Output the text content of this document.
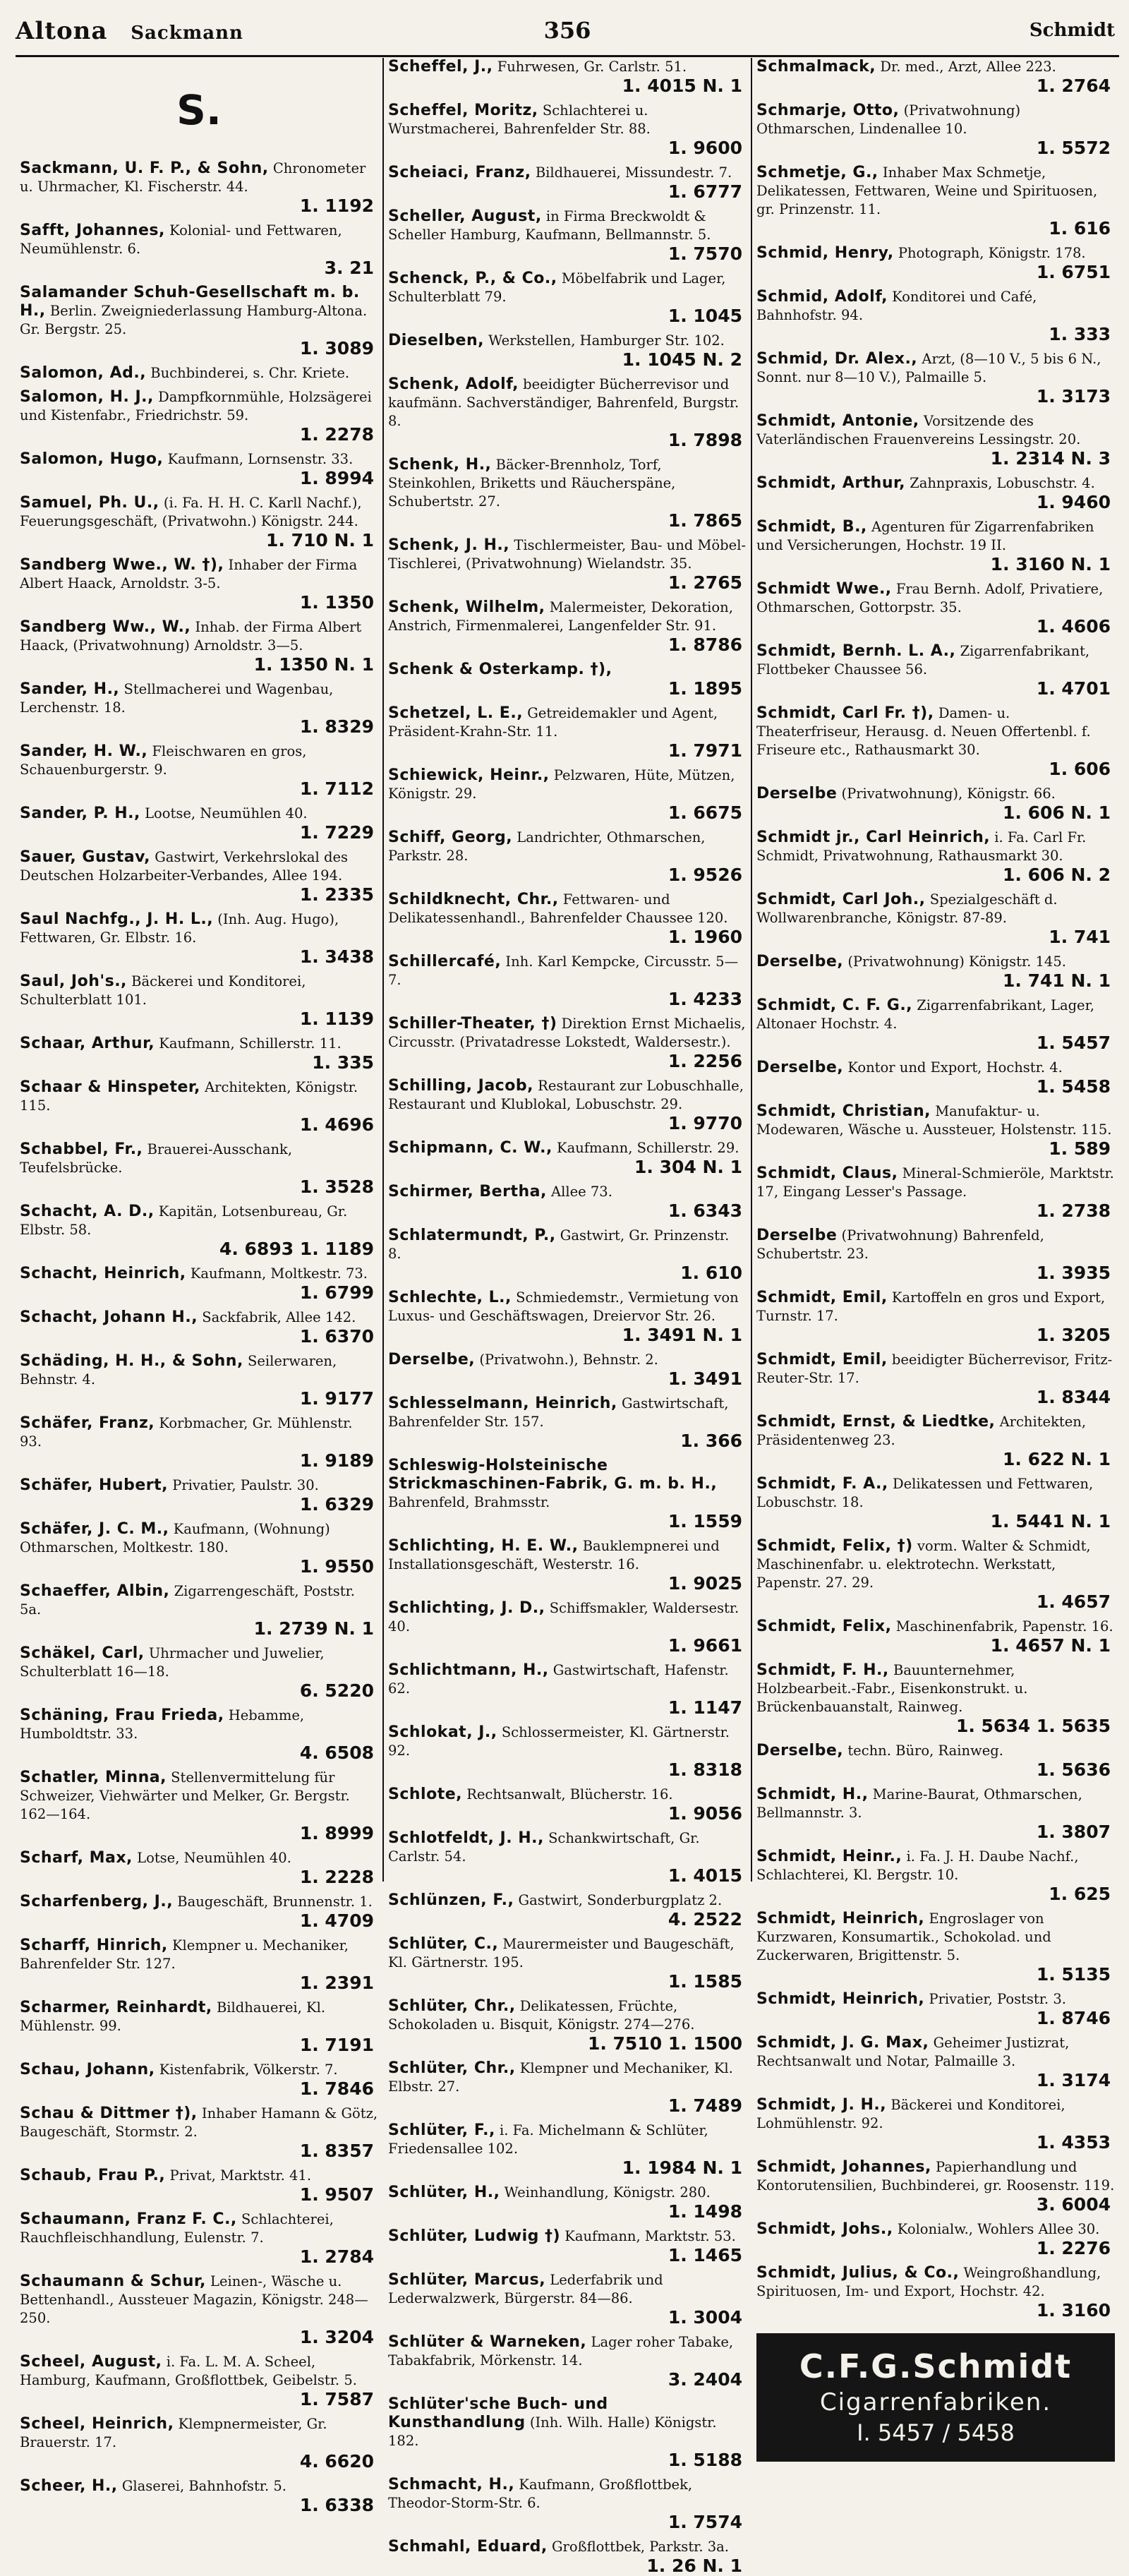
Altona Sackmann	356	Schmidt
S.
Sackmann, U. F. P., & Sohn, Chronometer u. Uhrmacher, Kl. Fischerstr. 44.
1. 1192
Safft, Johannes, Kolonial- und Fettwaren, Neumühlenstr. 6.
3. 21
Salamander Schuh-Gesellschaft m. b. H., Berlin. Zweigniederlassung Hamburg-Altona. Gr. Bergstr. 25.
1. 3089
Salomon, Ad., Buchbinderei, s. Chr. Kriete.
Salomon, H. J., Dampfkornmühle, Holzsägerei und Kistenfabr., Friedrichstr. 59.
1. 2278
Salomon, Hugo, Kaufmann, Lornsenstr. 33.
1. 8994
Samuel, Ph. U., (i. Fa. H. H. C. Karll Nachf.), Feuerungsgeschäft, (Privatwohn.) Königstr. 244.
1. 710 N. 1
Sandberg Wwe., W. †), Inhaber der Firma Albert Haack, Arnoldstr. 3-5.
1. 1350
Sandberg Ww., W., Inhab. der Firma Albert Haack, (Privatwohnung) Arnoldstr. 3—5.
1. 1350 N. 1
Sander, H., Stellmacherei und Wagenbau, Lerchenstr. 18.
1. 8329
Sander, H. W., Fleischwaren en gros, Schauenburgerstr. 9.
1. 7112
Sander, P. H., Lootse, Neumühlen 40.
1. 7229
Sauer, Gustav, Gastwirt, Verkehrslokal des Deutschen Holzarbeiter-Verbandes, Allee 194.
1. 2335
Saul Nachfg., J. H. L., (Inh. Aug. Hugo), Fettwaren, Gr. Elbstr. 16.
1. 3438
Saul, Joh's., Bäckerei und Konditorei, Schulterblatt 101.
1. 1139
Schaar, Arthur, Kaufmann, Schillerstr. 11.
1. 335
Schaar & Hinspeter, Architekten, Königstr. 115.
1. 4696
Schabbel, Fr., Brauerei-Ausschank, Teufelsbrücke.
1. 3528
Schacht, A. D., Kapitän, Lotsenbureau, Gr. Elbstr. 58.
4. 6893 1. 1189
Schacht, Heinrich, Kaufmann, Moltkestr. 73.
1. 6799
Schacht, Johann H., Sackfabrik, Allee 142.
1. 6370
Schäding, H. H., & Sohn, Seilerwaren, Behnstr. 4.
1. 9177
Schäfer, Franz, Korbmacher, Gr. Mühlenstr. 93.
1. 9189
Schäfer, Hubert, Privatier, Paulstr. 30.
1. 6329
Schäfer, J. C. M., Kaufmann, (Wohnung) Othmarschen, Moltkestr. 180.
1. 9550
Schaeffer, Albin, Zigarrengeschäft, Poststr. 5a.
1. 2739 N. 1
Schäkel, Carl, Uhrmacher und Juwelier, Schulterblatt 16—18.
6. 5220
Schäning, Frau Frieda, Hebamme, Humboldtstr. 33.
4. 6508
Schatler, Minna, Stellenvermittelung für Schweizer, Viehwärter und Melker, Gr. Bergstr. 162—164.
1. 8999
Scharf, Max, Lotse, Neumühlen 40.
1. 2228
Scharfenberg, J., Baugeschäft, Brunnenstr. 1.
1. 4709
Scharff, Hinrich, Klempner u. Mechaniker, Bahrenfelder Str. 127.
1. 2391
Scharmer, Reinhardt, Bildhauerei, Kl. Mühlenstr. 99.
1. 7191
Schau, Johann, Kistenfabrik, Völkerstr. 7.
1. 7846
Schau & Dittmer †), Inhaber Hamann & Götz, Baugeschäft, Stormstr. 2.
1. 8357
Schaub, Frau P., Privat, Marktstr. 41.
1. 9507
Schaumann, Franz F. C., Schlachterei, Rauchfleischhandlung, Eulenstr. 7.
1. 2784
Schaumann & Schur, Leinen-, Wäsche u. Bettenhandl., Aussteuer Magazin, Königstr. 248—250.
1. 3204
Scheel, August, i. Fa. L. M. A. Scheel, Hamburg, Kaufmann, Großflottbek, Geibelstr. 5.
1. 7587
Scheel, Heinrich, Klempnermeister, Gr. Brauerstr. 17.
4. 6620
Scheer, H., Glaserei, Bahnhofstr. 5.
1. 6338
Scheffel, J., Fuhrwesen, Gr. Carlstr. 51.
1. 4015 N. 1
Scheffel, Moritz, Schlachterei u. Wurstmacherei, Bahrenfelder Str. 88.
1. 9600
Scheiaci, Franz, Bildhauerei, Missundestr. 7.
1. 6777
Scheller, August, in Firma Breckwoldt & Scheller Hamburg, Kaufmann, Bellmannstr. 5.
1. 7570
Schenck, P., & Co., Möbelfabrik und Lager, Schulterblatt 79.
1. 1045
Dieselben, Werkstellen, Hamburger Str. 102.
1. 1045 N. 2
Schenk, Adolf, beeidigter Bücherrevisor und kaufmänn. Sachverständiger, Bahrenfeld, Burgstr. 8.
1. 7898
Schenk, H., Bäcker-Brennholz, Torf, Steinkohlen, Briketts und Räucherspäne, Schubertstr. 27.
1. 7865
Schenk, J. H., Tischlermeister, Bau- und Möbel-Tischlerei, (Privatwohnung) Wielandstr. 35.
1. 2765
Schenk, Wilhelm, Malermeister, Dekoration, Anstrich, Firmenmalerei, Langenfelder Str. 91.
1. 8786
Schenk & Osterkamp. †),
1. 1895
Schetzel, L. E., Getreidemakler und Agent, Präsident-Krahn-Str. 11.
1. 7971
Schiewick, Heinr., Pelzwaren, Hüte, Mützen, Königstr. 29.
1. 6675
Schiff, Georg, Landrichter, Othmarschen, Parkstr. 28.
1. 9526
Schildknecht, Chr., Fettwaren- und Delikatessenhandl., Bahrenfelder Chaussee 120.
1. 1960
Schillercafé, Inh. Karl Kempcke, Circusstr. 5—7.
1. 4233
Schiller-Theater, †) Direktion Ernst Michaelis, Circusstr. (Privatadresse Lokstedt, Waldersestr.).
1. 2256
Schilling, Jacob, Restaurant zur Lobuschhalle, Restaurant und Klublokal, Lobuschstr. 29.
1. 9770
Schipmann, C. W., Kaufmann, Schillerstr. 29.
1. 304 N. 1
Schirmer, Bertha, Allee 73.
1. 6343
Schlatermundt, P., Gastwirt, Gr. Prinzenstr. 8.
1. 610
Schlechte, L., Schmiedemstr., Vermietung von Luxus- und Geschäftswagen, Dreiervor Str. 26.
1. 3491 N. 1
Derselbe, (Privatwohn.), Behnstr. 2.
1. 3491
Schlesselmann, Heinrich, Gastwirtschaft, Bahrenfelder Str. 157.
1. 366
Schleswig-Holsteinische Strickmaschinen-Fabrik, G. m. b. H., Bahrenfeld, Brahmsstr.
1. 1559
Schlichting, H. E. W., Bauklempnerei und Installationsgeschäft, Westerstr. 16.
1. 9025
Schlichting, J. D., Schiffsmakler, Waldersestr. 40.
1. 9661
Schlichtmann, H., Gastwirtschaft, Hafenstr. 62.
1. 1147
Schlokat, J., Schlossermeister, Kl. Gärtnerstr. 92.
1. 8318
Schlote, Rechtsanwalt, Blücherstr. 16.
1. 9056
Schlotfeldt, J. H., Schankwirtschaft, Gr. Carlstr. 54.
1. 4015
Schlünzen, F., Gastwirt, Sonderburgplatz 2.
4. 2522
Schlüter, C., Maurermeister und Baugeschäft, Kl. Gärtnerstr. 195.
1. 1585
Schlüter, Chr., Delikatessen, Früchte, Schokoladen u. Bisquit, Königstr. 274—276.
1. 7510 1. 1500
Schlüter, Chr., Klempner und Mechaniker, Kl. Elbstr. 27.
1. 7489
Schlüter, F., i. Fa. Michelmann & Schlüter, Friedensallee 102.
1. 1984 N. 1
Schlüter, H., Weinhandlung, Königstr. 280.
1. 1498
Schlüter, Ludwig †) Kaufmann, Marktstr. 53.
1. 1465
Schlüter, Marcus, Lederfabrik und Lederwalzwerk, Bürgerstr. 84—86.
1. 3004
Schlüter & Warneken, Lager roher Tabake, Tabakfabrik, Mörkenstr. 14.
3. 2404
Schlüter'sche Buch- und Kunsthandlung (Inh. Wilh. Halle) Königstr. 182.
1. 5188
Schmacht, H., Kaufmann, Großflottbek, Theodor-Storm-Str. 6.
1. 7574
Schmahl, Eduard, Großflottbek, Parkstr. 3a.
1. 26 N. 1
Schmalmack, Dr. med., Arzt, Allee 223.
1. 2764
Schmarje, Otto, (Privatwohnung) Othmarschen, Lindenallee 10.
1. 5572
Schmetje, G., Inhaber Max Schmetje, Delikatessen, Fettwaren, Weine und Spirituosen, gr. Prinzenstr. 11.
1. 616
Schmid, Henry, Photograph, Königstr. 178.
1. 6751
Schmid, Adolf, Konditorei und Café, Bahnhofstr. 94.
1. 333
Schmid, Dr. Alex., Arzt, (8—10 V., 5 bis 6 N., Sonnt. nur 8—10 V.), Palmaille 5.
1. 3173
Schmidt, Antonie, Vorsitzende des Vaterländischen Frauenvereins Lessingstr. 20.
1. 2314 N. 3
Schmidt, Arthur, Zahnpraxis, Lobuschstr. 4.
1. 9460
Schmidt, B., Agenturen für Zigarrenfabriken und Versicherungen, Hochstr. 19 II.
1. 3160 N. 1
Schmidt Wwe., Frau Bernh. Adolf, Privatiere, Othmarschen, Gottorpstr. 35.
1. 4606
Schmidt, Bernh. L. A., Zigarrenfabrikant, Flottbeker Chaussee 56.
1. 4701
Schmidt, Carl Fr. †), Damen- u. Theaterfriseur, Herausg. d. Neuen Offertenbl. f. Friseure etc., Rathausmarkt 30.
1. 606
Derselbe (Privatwohnung), Königstr. 66.
1. 606 N. 1
Schmidt jr., Carl Heinrich, i. Fa. Carl Fr. Schmidt, Privatwohnung, Rathausmarkt 30.
1. 606 N. 2
Schmidt, Carl Joh., Spezialgeschäft d. Wollwarenbranche, Königstr. 87-89.
1. 741
Derselbe, (Privatwohnung) Königstr. 145.
1. 741 N. 1
Schmidt, C. F. G., Zigarrenfabrikant, Lager, Altonaer Hochstr. 4.
1. 5457
Derselbe, Kontor und Export, Hochstr. 4.
1. 5458
Schmidt, Christian, Manufaktur- u. Modewaren, Wäsche u. Aussteuer, Holstenstr. 115.
1. 589
Schmidt, Claus, Mineral-Schmieröle, Marktstr. 17, Eingang Lesser's Passage.
1. 2738
Derselbe (Privatwohnung) Bahrenfeld, Schubertstr. 23.
1. 3935
Schmidt, Emil, Kartoffeln en gros und Export, Turnstr. 17.
1. 3205
Schmidt, Emil, beeidigter Bücherrevisor, Fritz-Reuter-Str. 17.
1. 8344
Schmidt, Ernst, & Liedtke, Architekten, Präsidentenweg 23.
1. 622 N. 1
Schmidt, F. A., Delikatessen und Fettwaren, Lobuschstr. 18.
1. 5441 N. 1
Schmidt, Felix, †) vorm. Walter & Schmidt, Maschinenfabr. u. elektrotechn. Werkstatt, Papenstr. 27. 29.
1. 4657
Schmidt, Felix, Maschinenfabrik, Papenstr. 16.
1. 4657 N. 1
Schmidt, F. H., Bauunternehmer, Holzbearbeit.-Fabr., Eisenkonstrukt. u. Brückenbauanstalt, Rainweg.
1. 5634 1. 5635
Derselbe, techn. Büro, Rainweg.
1. 5636
Schmidt, H., Marine-Baurat, Othmarschen, Bellmannstr. 3.
1. 3807
Schmidt, Heinr., i. Fa. J. H. Daube Nachf., Schlachterei, Kl. Bergstr. 10.
1. 625
Schmidt, Heinrich, Engroslager von Kurzwaren, Konsumartik., Schokolad. und Zuckerwaren, Brigittenstr. 5.
1. 5135
Schmidt, Heinrich, Privatier, Poststr. 3.
1. 8746
Schmidt, J. G. Max, Geheimer Justizrat, Rechtsanwalt und Notar, Palmaille 3.
1. 3174
Schmidt, J. H., Bäckerei und Konditorei, Lohmühlenstr. 92.
1. 4353
Schmidt, Johannes, Papierhandlung und Kontorutensilien, Buchbinderei, gr. Roosenstr. 119.
3. 6004
Schmidt, Johs., Kolonialw., Wohlers Allee 30.
1. 2276
Schmidt, Julius, & Co., Weingroßhandlung, Spirituosen, Im- und Export, Hochstr. 42.
1. 3160
C.F.G.Schmidt
Cigarrenfabriken.
I. 5457 / 5458
